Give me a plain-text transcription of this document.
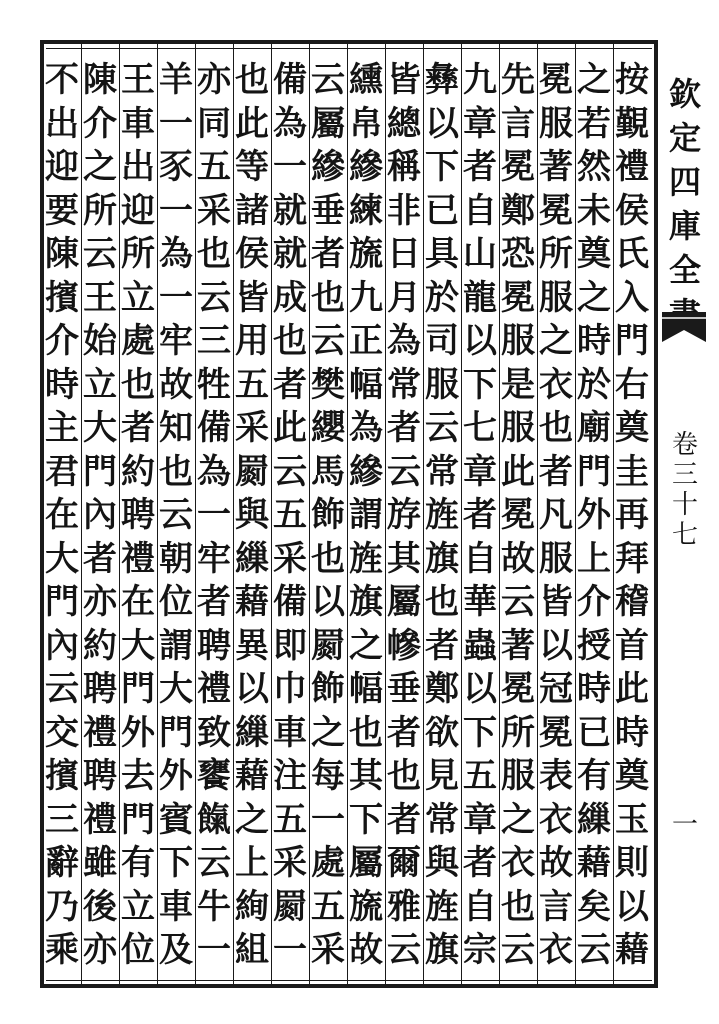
按
覲
禮
侯
氏
入
門
右
奠
圭
再
拜
稽
首
此
時
奠
玉
則
以
藉
之
若
然
未
奠
之
時
於
廟
門
外
上
介
授
時
已
有
繅
藉
矣
云
冕
服
著
冕
所
服
之
衣
也
者
凡
服
皆
以
冠
冕
表
衣
故
言
衣
先
言
冕
鄭
恐
冕
服
是
服
此
冕
故
云
著
冕
所
服
之
衣
也
云
九
章
者
自
山
龍
以
下
七
章
者
自
華
蟲
以
下
五
章
者
自
宗
彝
以
下
已
具
於
司
服
云
常
旌
旗
也
者
鄭
欲
見
常
與
旌
旗
皆
總
稱
非
日
月
為
常
者
云
斿
其
屬
幓
垂
者
也
者
爾
雅
云
纁
帛
縿
練
旒
九
正
幅
為
縿
謂
旌
旗
之
幅
也
其
下
屬
旒
故
云
屬
縿
垂
者
也
云
樊
纓
馬
飾
也
以
罽
飾
之
每
一
處
五
采
備
為
一
就
就
成
也
者
此
云
五
采
備
即
巾
車
注
五
采
罽
一
也
此
等
諸
侯
皆
用
五
采
罽
與
繅
藉
異
以
繅
藉
之
上
絢
組
亦
同
五
采
也
云
三
牲
備
為
一
牢
者
聘
禮
致
饔
餼
云
牛
一
羊
一
豕
一
為
一
牢
故
知
也
云
朝
位
謂
大
門
外
賓
下
車
及
王
車
出
迎
所
立
處
也
者
約
聘
禮
在
大
門
外
去
門
有
立
位
陳
介
之
所
云
王
始
立
大
門
內
者
亦
約
聘
禮
聘
禮
雖
後
亦
不
出
迎
要
陳
擯
介
時
主
君
在
大
門
內
云
交
擯
三
辭
乃
乘
欽
定
四
庫
全
卷
三
十
七
一
